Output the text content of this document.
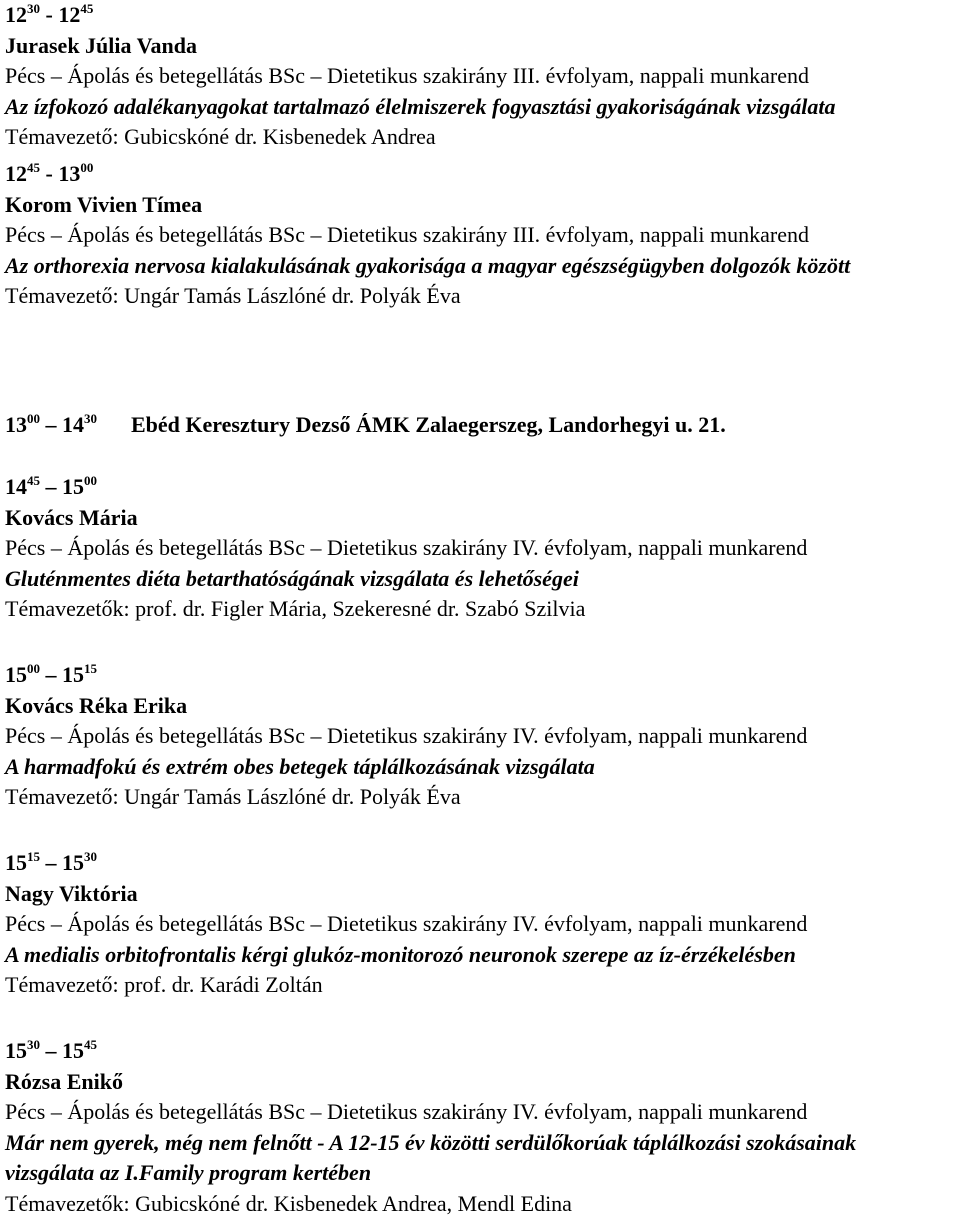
$12^{30} - 12^{45}$
Jurasek Júlia Vanda
Pécs – Ápolás és betegellátás BSc – Dietetikus szakirány III. évfolyam, nappali munkarend
Az ízfokozó adalékanyagokat tartalmazó élelmiszerek fogyasztási gyakoriságának vizsgálata
Témavezető: Gubicskóné dr. Kisbenedek Andrea
$12^{45} - 13^{00}$
Korom Vivien Tímea
Pécs – Ápolás és betegellátás BSc – Dietetikus szakirány III. évfolyam, nappali munkarend
Az orthorexia nervosa kialakulásának gyakorisága a magyar egészségügyben dolgozók között
Témavezető: Ungár Tamás Lászlóné dr. Polyák Éva
$13^{00} - 14^{30}$ Ebéd Keresztury Dezső ÁMK Zalaegerszeg, Landorhegyi u. 21.
$14^{45} - 15^{00}$
Kovács Mária
Pécs – Ápolás és betegellátás BSc – Dietetikus szakirány IV. évfolyam, nappali munkarend
Gluténmentes diéta betarthatóságának vizsgálata és lehetőségei
Témavezetők: prof. dr. Figler Mária, Szekeresné dr. Szabó Szilvia
$15^{00} - 15^{15}$
Kovács Réka Erika
Pécs – Ápolás és betegellátás BSc – Dietetikus szakirány IV. évfolyam, nappali munkarend
A harmadfokú és extrém obes betegek táplálkozásának vizsgálata
Témavezető: Ungár Tamás Lászlóné dr. Polyák Éva
$15^{15} - 15^{30}$
Nagy Viktória
Pécs – Ápolás és betegellátás BSc – Dietetikus szakirány IV. évfolyam, nappali munkarend
A medialis orbitofrontalis kérgi glukóz-monitorozó neuronok szerepe az íz-érzékelésben
Témavezető: prof. dr. Karádi Zoltán
$15^{30} - 15^{45}$
Rózsa Enikő
Pécs – Ápolás és betegellátás BSc – Dietetikus szakirány IV. évfolyam, nappali munkarend
Már nem gyerek, még nem felnőtt - A 12-15 év közötti serdülőkorúak táplálkozási szokásainak vizsgálata az I.Family program kertében
Témavezetők: Gubicskóné dr. Kisbenedek Andrea, Mendl Edina
